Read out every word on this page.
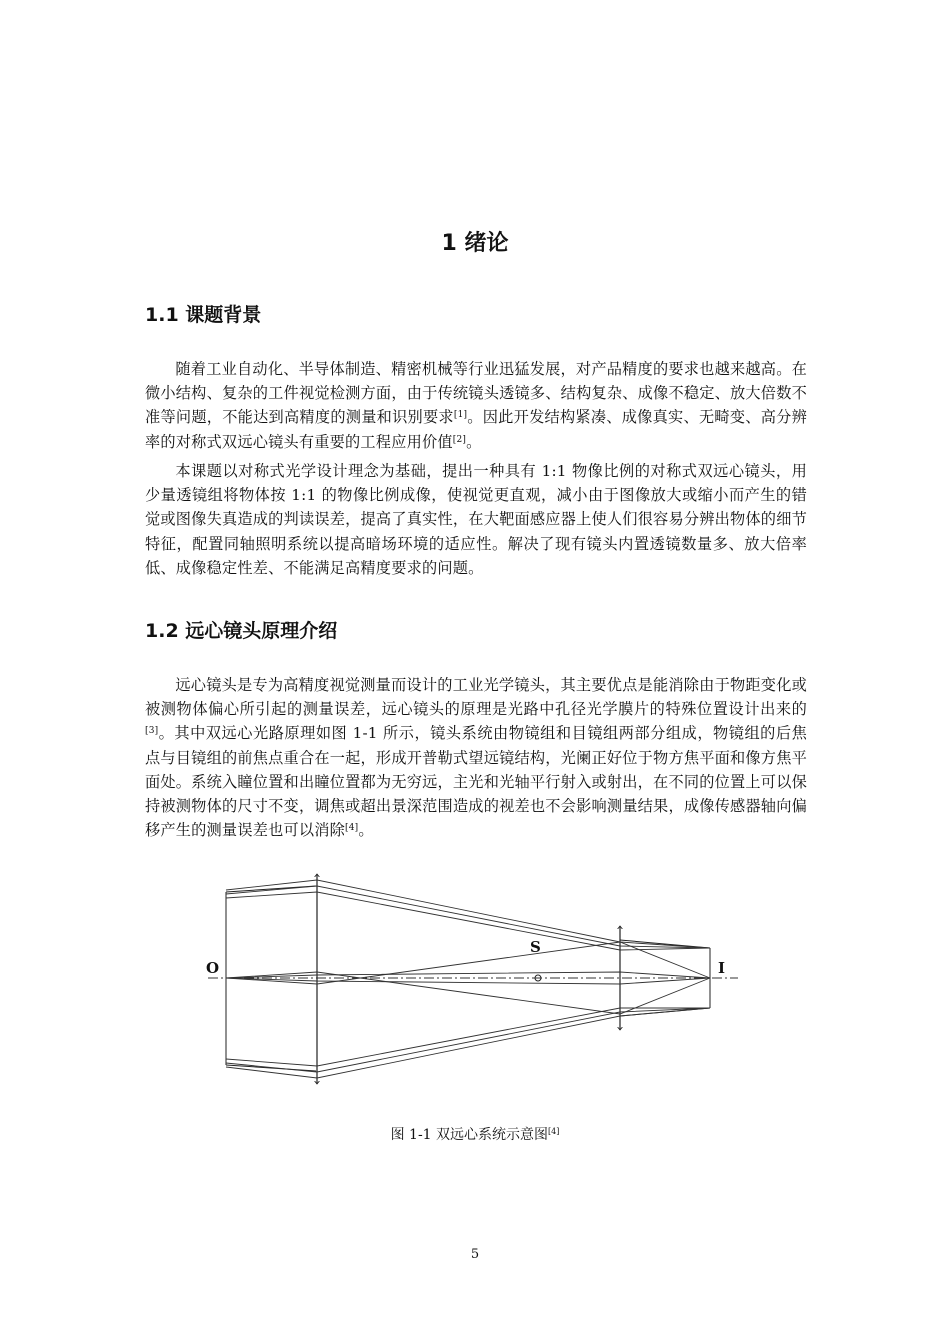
1 绪论
1.1 课题背景

随着工业自动化、半导体制造、精密机械等行业迅猛发展，对产品精度的要求也越来越高。在微小结构、复杂的工件视觉检测方面，由于传统镜头透镜多、结构复杂、成像不稳定、放大倍数不准等问题，不能达到高精度的测量和识别要求[1]。因此开发结构紧凑、成像真实、无畸变、高分辨率的对称式双远心镜头有重要的工程应用价值[2]。

本课题以对称式光学设计理念为基础，提出一种具有 1:1 物像比例的对称式双远心镜头，用少量透镜组将物体按 1:1 的物像比例成像，使视觉更直观，减小由于图像放大或缩小而产生的错觉或图像失真造成的判读误差，提高了真实性，在大靶面感应器上使人们很容易分辨出物体的细节特征，配置同轴照明系统以提高暗场环境的适应性。解决了现有镜头内置透镜数量多、放大倍率低、成像稳定性差、不能满足高精度要求的问题。

1.2 远心镜头原理介绍

远心镜头是专为高精度视觉测量而设计的工业光学镜头，其主要优点是能消除由于物距变化或被测物体偏心所引起的测量误差，远心镜头的原理是光路中孔径光学膜片的特殊位置设计出来的[3]。其中双远心光路原理如图 1-1 所示，镜头系统由物镜组和目镜组两部分组成，物镜组的后焦点与目镜组的前焦点重合在一起，形成开普勒式望远镜结构，光阑正好位于物方焦平面和像方焦平面处。系统入瞳位置和出瞳位置都为无穷远，主光和光轴平行射入或射出，在不同的位置上可以保持被测物体的尺寸不变，调焦或超出景深范围造成的视差也不会影响测量结果，成像传感器轴向偏移产生的测量误差也可以消除[4]。

O
S
I

图 1-1 双远心系统示意图[4]

5
